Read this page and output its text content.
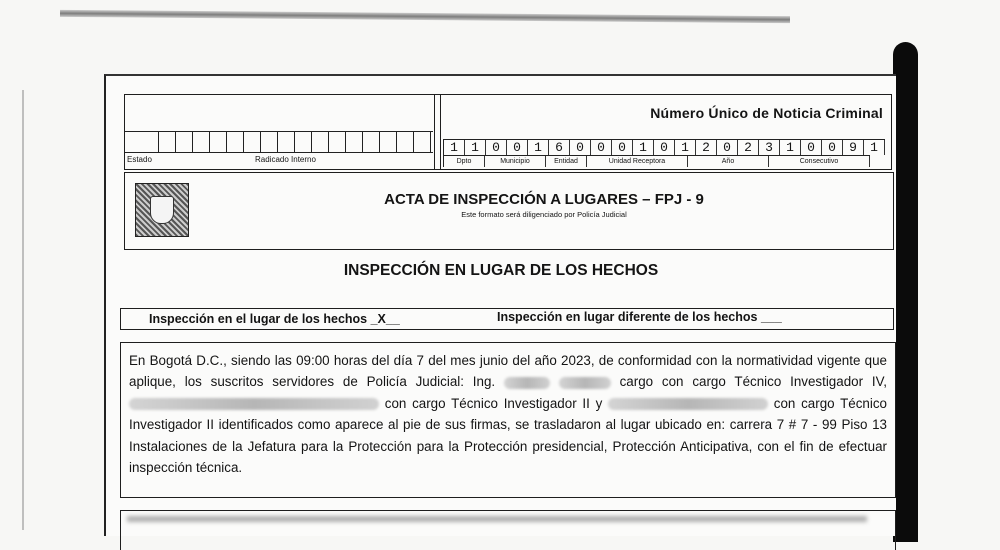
Estado	Radicado Interno
Número Único de Noticia Criminal
1	1	0	0	1	6	0	0	0	1	0	1	2	0	2	3	1	0	0	9	1
Dpto	Municipio	Entidad	Unidad Receptora	Año	Consecutivo
ACTA DE INSPECCIÓN A LUGARES – FPJ - 9
Este formato será diligenciado por Policía Judicial
INSPECCIÓN EN LUGAR DE LOS HECHOS
Inspección en el lugar de los hechos _X__	Inspección en lugar diferente de los hechos ___
En Bogotá D.C., siendo las 09:00 horas del día 7 del mes junio del año 2023, de conformidad con la normatividad vigente que aplique, los suscritos servidores de Policía Judicial: Ing.	cargo con cargo Técnico Investigador IV,  con cargo Técnico Investigador II y	con cargo Técnico Investigador II identificados como aparece al pie de sus firmas, se trasladaron al lugar ubicado en: carrera 7 # 7 - 99 Piso 13 Instalaciones de la Jefatura para la Protección para la Protección presidencial, Protección Anticipativa, con el fin de efectuar inspección técnica.
